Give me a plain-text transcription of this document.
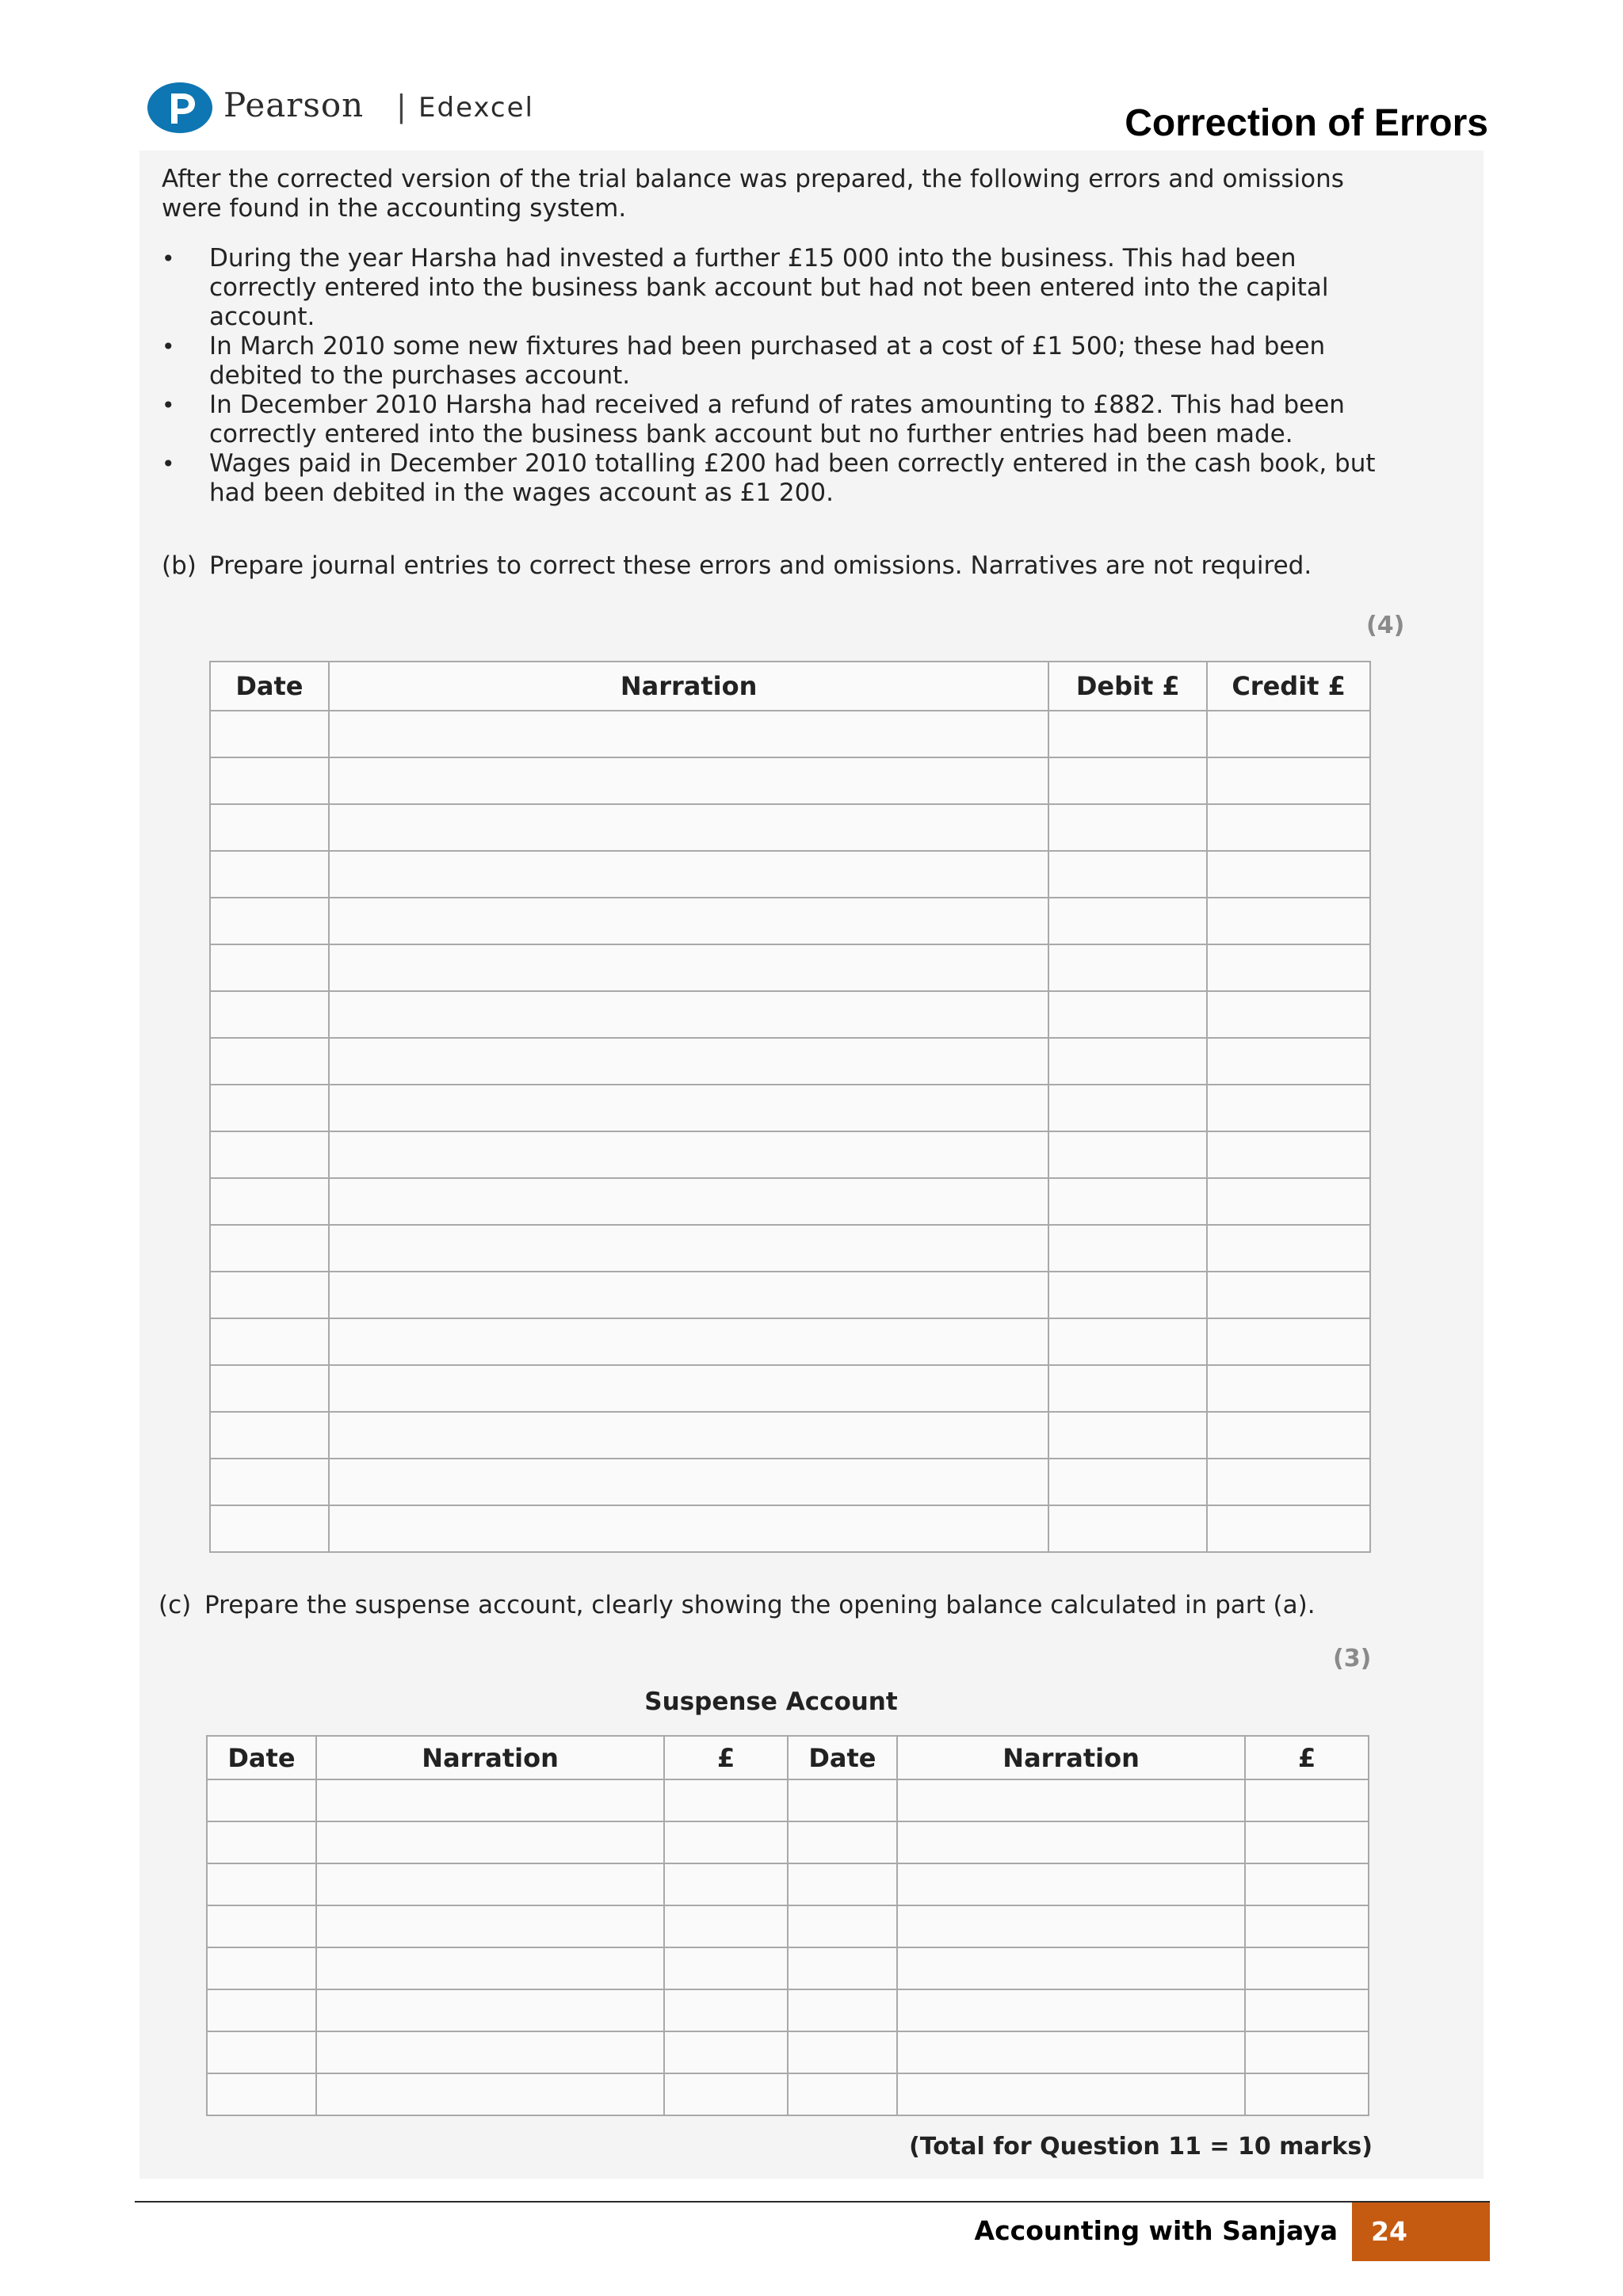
Pearson | Edexcel	Correction of Errors
After the corrected version of the trial balance was prepared, the following errors and omissions were found in the accounting system.
• During the year Harsha had invested a further £15 000 into the business. This had been correctly entered into the business bank account but had not been entered into the capital account.
• In March 2010 some new fixtures had been purchased at a cost of £1 500; these had been debited to the purchases account.
• In December 2010 Harsha had received a refund of rates amounting to £882. This had been correctly entered into the business bank account but no further entries had been made.
• Wages paid in December 2010 totalling £200 had been correctly entered in the cash book, but had been debited in the wages account as £1 200.
(b) Prepare journal entries to correct these errors and omissions. Narratives are not required.
(4)
Date	Narration	Debit £	Credit £

(c) Prepare the suspense account, clearly showing the opening balance calculated in part (a).
(3)
Suspense Account
Date	Narration	£	Date	Narration	£

(Total for Question 11 = 10 marks)
Accounting with Sanjaya	24
